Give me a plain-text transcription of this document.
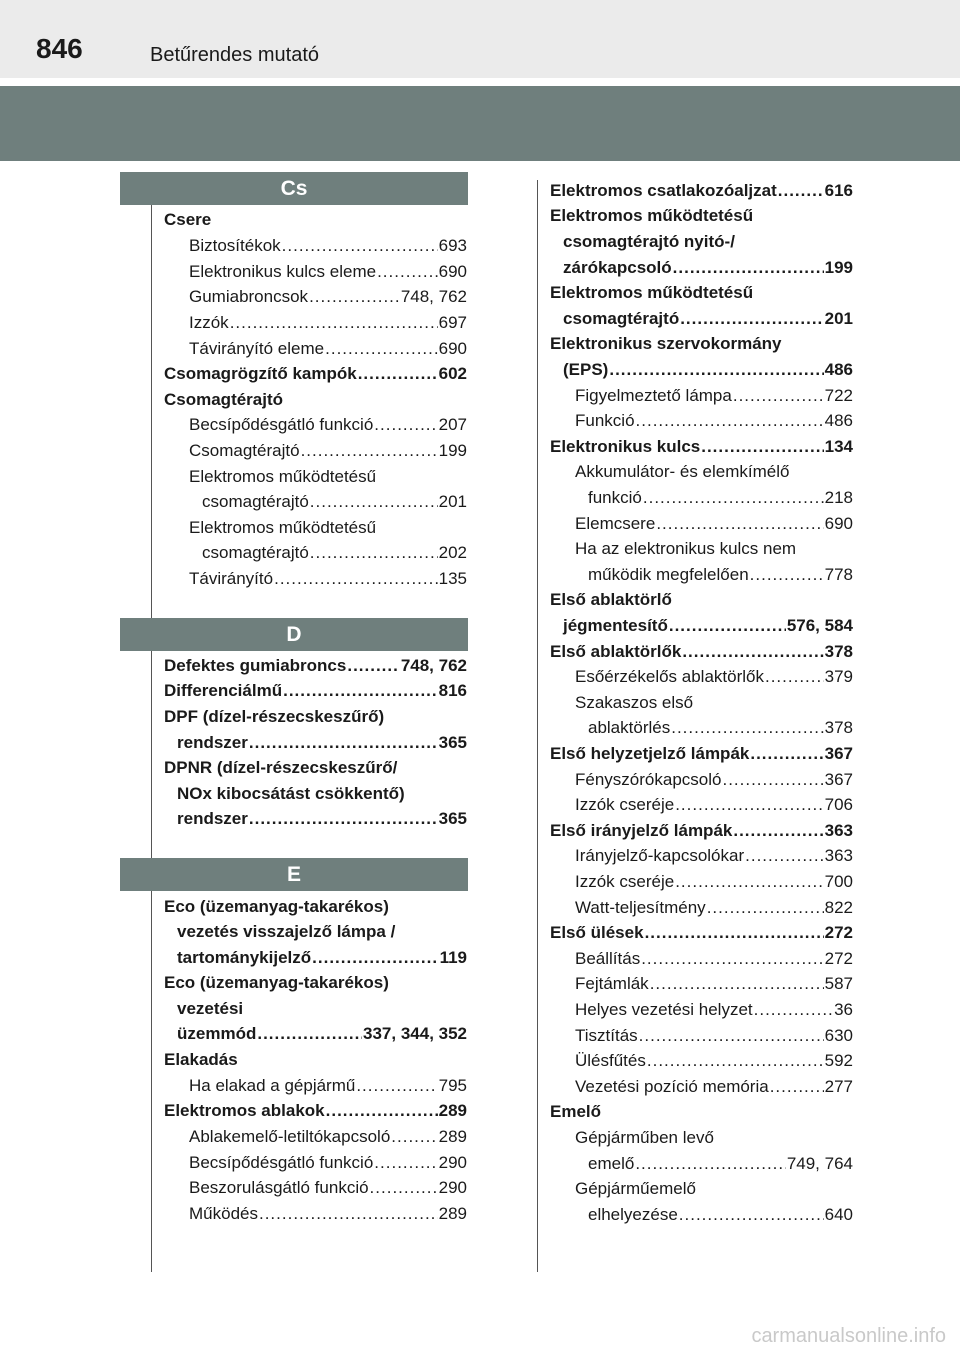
846	Betűrendes mutató
Cs
Csere
Biztosítékok .....	693
Elektronikus kulcs eleme .....	690
Gumiabroncsok .....	748, 762
Izzók .....	697
Távirányító eleme .....	690
Csomagrögzítő kampók .....	602
Csomagtérajtó
Becsípődésgátló funkció .....	207
Csomagtérajtó .....	199
Elektromos működtetésű
csomagtérajtó .....	201
Elektromos működtetésű
csomagtérajtó .....	202
Távirányító .....	135
D
Defektes gumiabroncs .....	748, 762
Differenciálmű .....	816
DPF (dízel-részecskeszűrő)
rendszer .....	365
DPNR (dízel-részecskeszűrő/
NOx kibocsátást csökkentő)
rendszer .....	365
E
Eco (üzemanyag-takarékos)
vezetés visszajelző lámpa /
tartománykijelző .....	119
Eco (üzemanyag-takarékos)
vezetési
üzemmód .....	337, 344, 352
Elakadás
Ha elakad a gépjármű .....	795
Elektromos ablakok .....	289
Ablakemelő-letiltókapcsoló .....	289
Becsípődésgátló funkció .....	290
Beszorulásgátló funkció .....	290
Működés .....	289
Elektromos csatlakozóaljzat .....	616
Elektromos működtetésű
csomagtérajtó nyitó-/
zárókapcsoló .....	199
Elektromos működtetésű
csomagtérajtó .....	201
Elektronikus szervokormány
(EPS) .....	486
Figyelmeztető lámpa .....	722
Funkció .....	486
Elektronikus kulcs .....	134
Akkumulátor- és elemkímélő
funkció .....	218
Elemcsere .....	690
Ha az elektronikus kulcs nem
működik megfelelően .....	778
Első ablaktörlő
jégmentesítő .....	576, 584
Első ablaktörlők .....	378
Esőérzékelős ablaktörlők .....	379
Szakaszos első
ablaktörlés .....	378
Első helyzetjelző lámpák .....	367
Fényszórókapcsoló .....	367
Izzók cseréje .....	706
Első irányjelző lámpák .....	363
Irányjelző-kapcsolókar .....	363
Izzók cseréje .....	700
Watt-teljesítmény .....	822
Első ülések .....	272
Beállítás .....	272
Fejtámlák .....	587
Helyes vezetési helyzet .....	36
Tisztítás .....	630
Ülésfűtés .....	592
Vezetési pozíció memória .....	277
Emelő
Gépjárműben levő
emelő .....	749, 764
Gépjárműemelő
elhelyezése .....	640
carmanualsonline.info
